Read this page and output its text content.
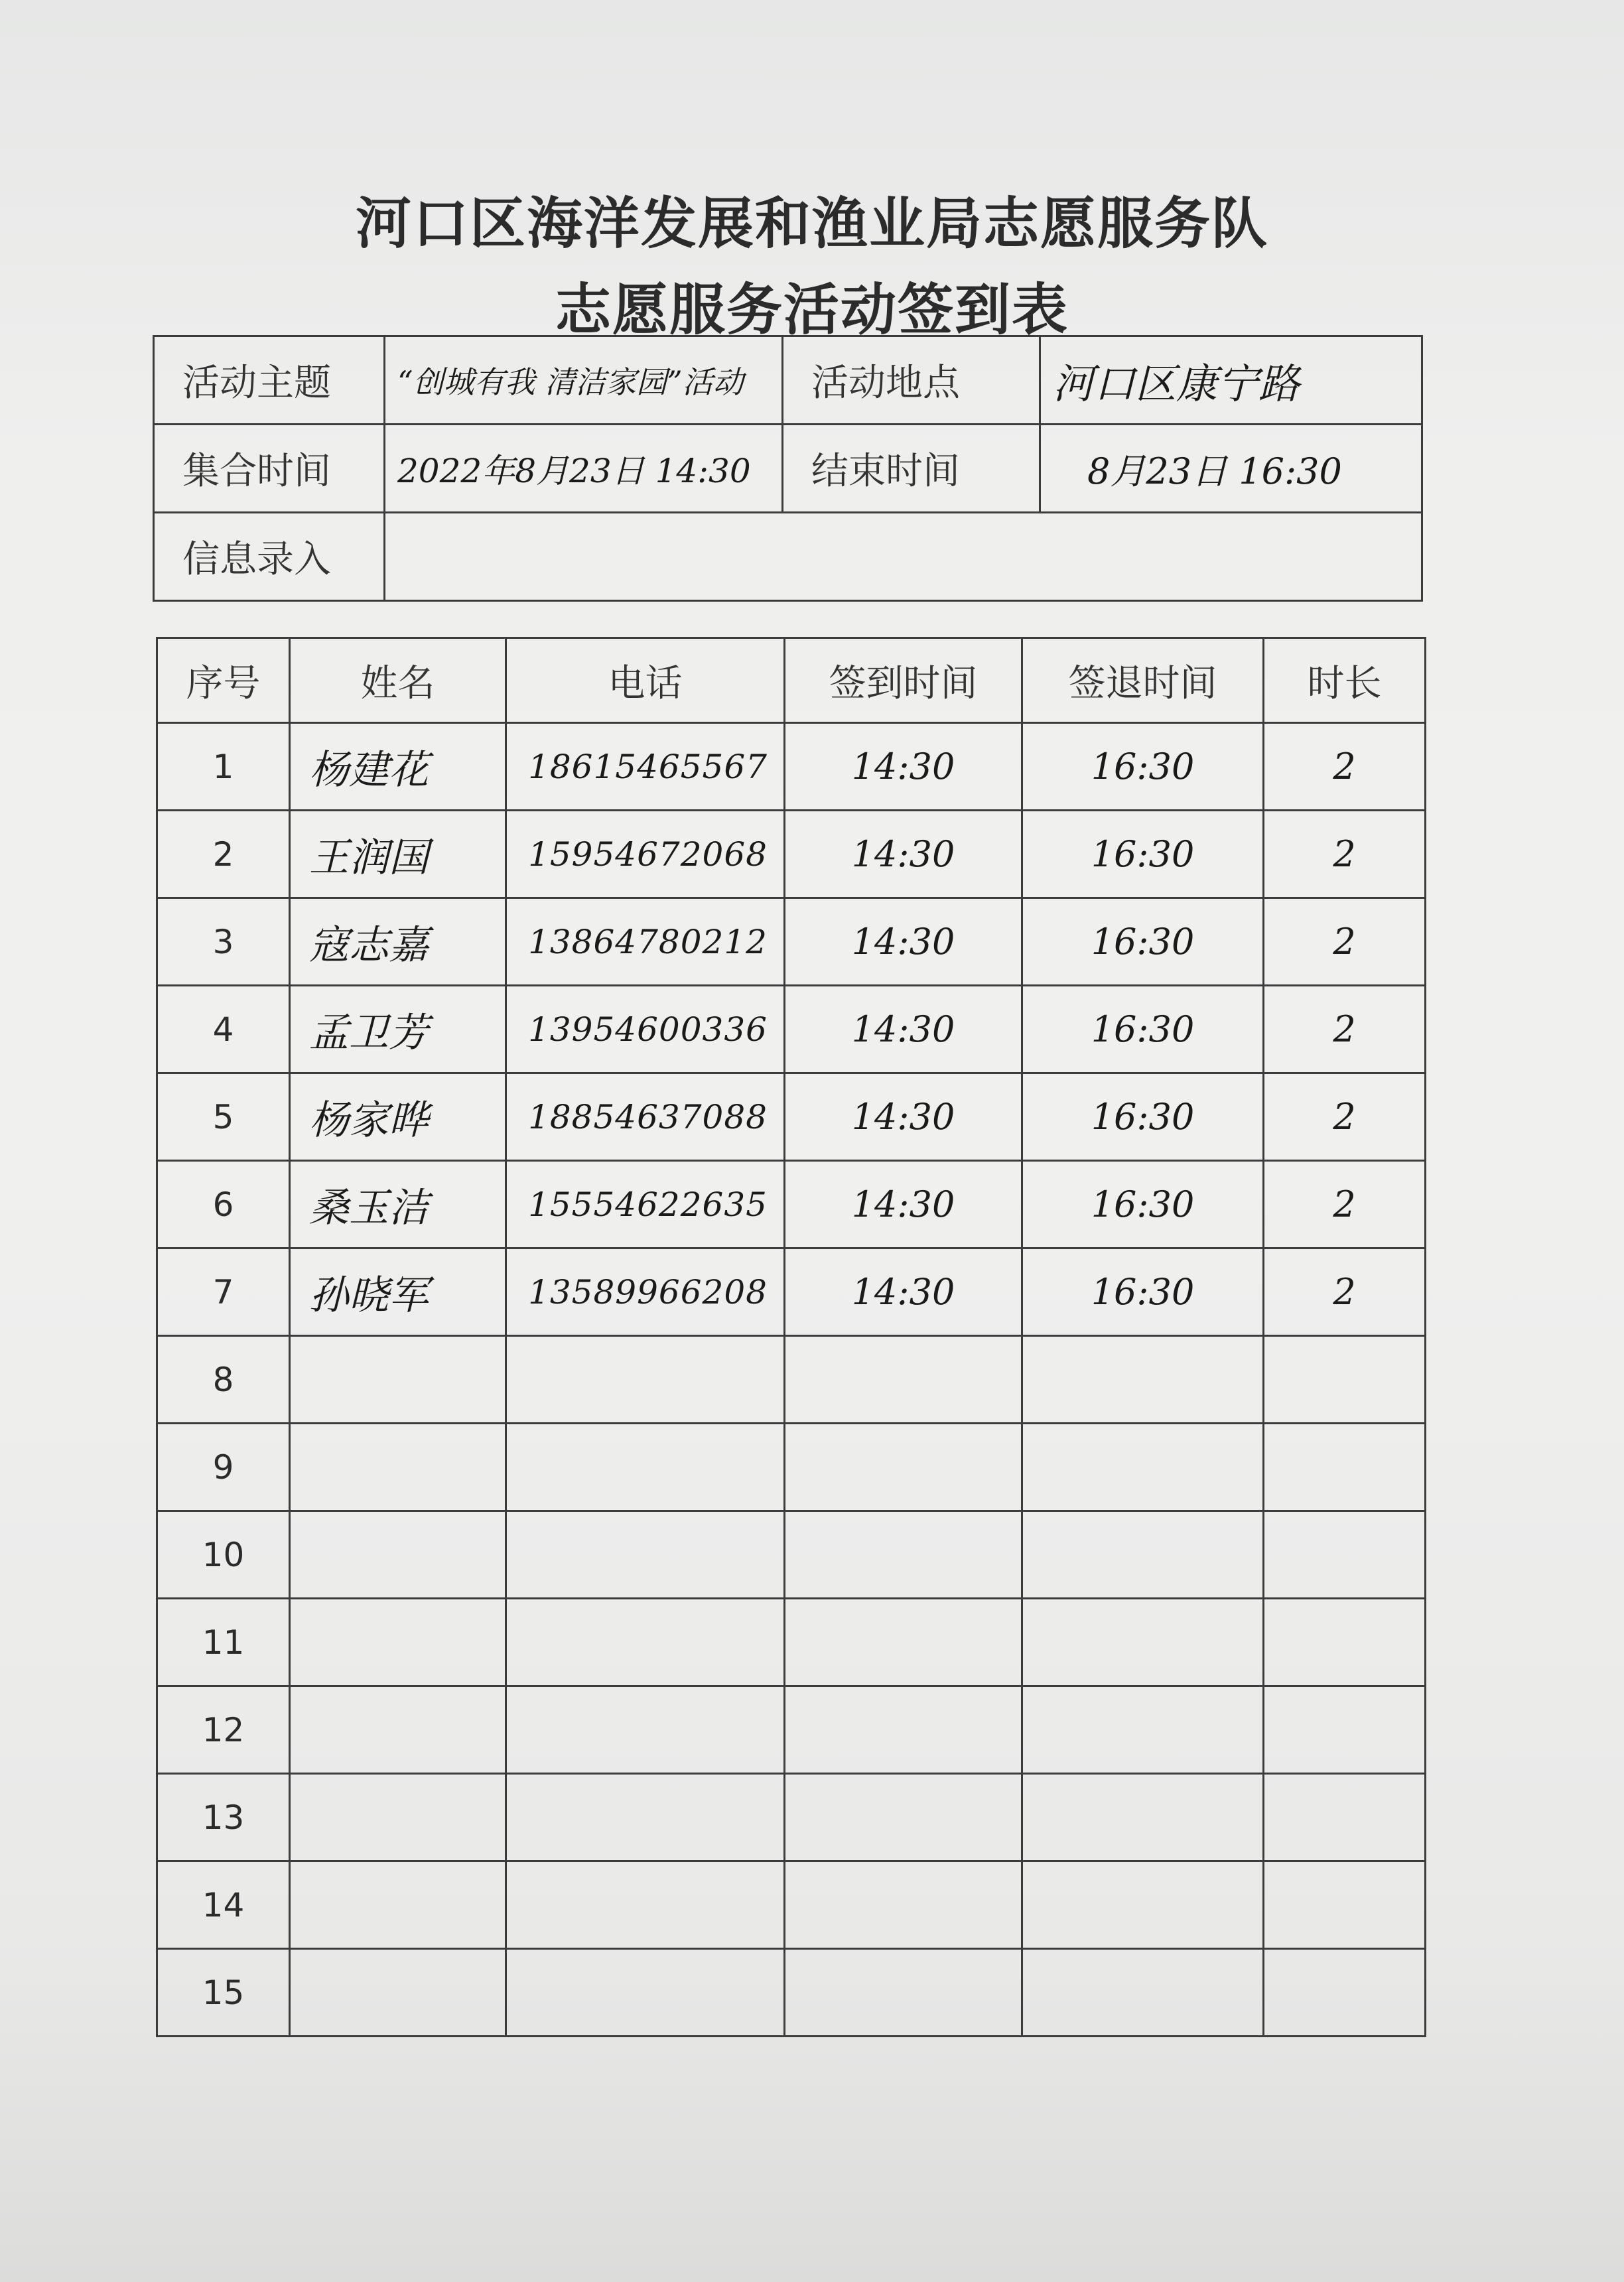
河口区海洋发展和渔业局志愿服务队
志愿服务活动签到表
活动主题	“创城有我 清洁家园”活动	活动地点	河口区康宁路
集合时间	2022年8月23日 14:30	结束时间	8月23日 16:30
信息录入			
序号	姓名	电话	签到时间	签退时间	时长
1	杨建花	18615465567	14:30	16:30	2
2	王润国	15954672068	14:30	16:30	2
3	寇志嘉	13864780212	14:30	16:30	2
4	孟卫芳	13954600336	14:30	16:30	2
5	杨家晔	18854637088	14:30	16:30	2
6	桑玉洁	15554622635	14:30	16:30	2
7	孙晓军	13589966208	14:30	16:30	2
8					
9					
10					
11					
12					
13					
14					
15					
